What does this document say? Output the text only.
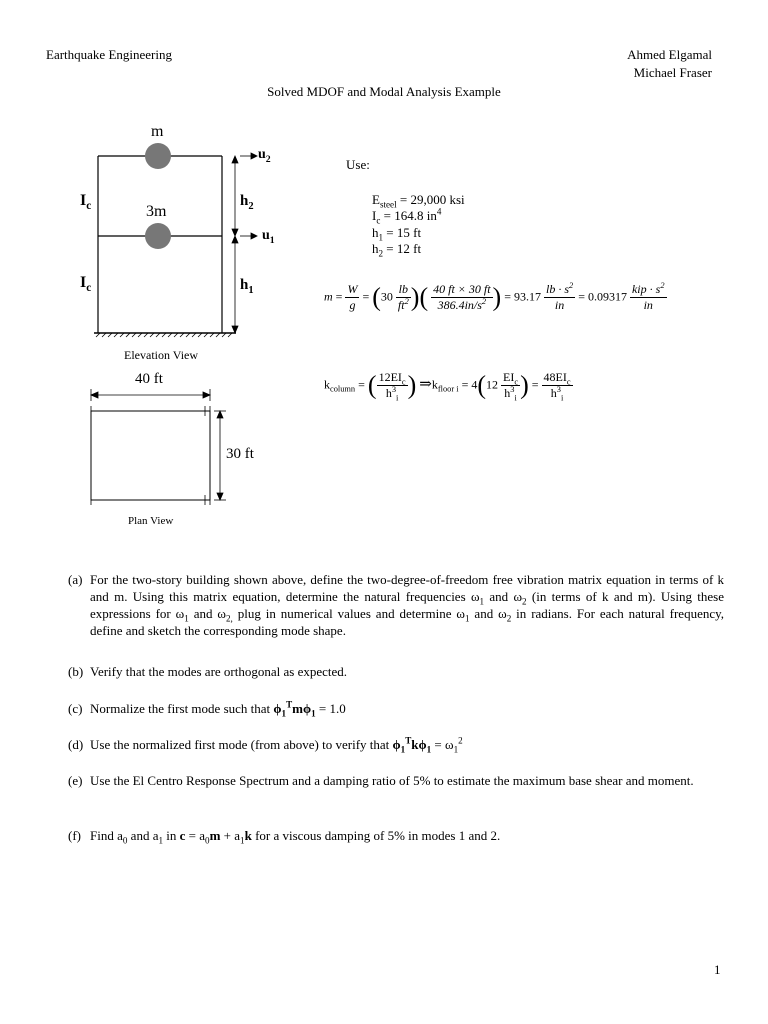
Earthquake Engineering	Ahmed Elgamal
Michael Fraser
Solved MDOF and Modal Analysis Example
m
3m
$I_c$
$I_c$
$h_2$
$h_1$
$u_2$
$u_1$
Elevation View
40 ft
30 ft
Plan View
Use:
$E_{steel} = 29,000$ ksi
$I_c = 164.8$ $in^4$
$h_1 = 15$ ft
$h_2 = 12$ ft
$m = \frac{W}{g} = (30 \frac{lb}{ft^2}$ )( $\frac{40 ft \times 30 ft}{386.4in/s^2}$ ) = $93.17 \frac{lb \cdot s^2}{in} = 0.09317 \frac{kip \cdot s^2}{in}$
$k_{column}$ = ( $\frac{12EI_c}{h^3_i}$ ) $\Rightarrow k_{floor i} = 4(12 \frac{EI_c}{h^3_i}$ ) = $\frac{48EI_c}{h^3_i}$
(a) For the two-story building shown above, define the two-degree-of-freedom free vibration matrix equation in terms of k and m. Using this matrix equation, determine the natural frequencies $\omega_1$ and $\omega_2$ (in terms of k and m). Using these expressions for $\omega_1$ and $\omega_{2,}$ plug in numerical values and determine $\omega_1$ and $\omega_2$ in radians. For each natural frequency, define and sketch the corresponding mode shape.
(b) Verify that the modes are orthogonal as expected.
(c) Normalize the first mode such that $\phi_1^Tm\phi_1 = 1.0$
(d) Use the normalized first mode (from above) to verify that $\phi_1^Tk\phi_1 = \omega_1^2$
(e) Use the El Centro Response Spectrum and a damping ratio of 5% to estimate the maximum base shear and moment.
(f) Find $a_0$ and $a_1$ in $c = a_0m + a_1k$ for a viscous damping of 5% in modes 1 and 2.
1
